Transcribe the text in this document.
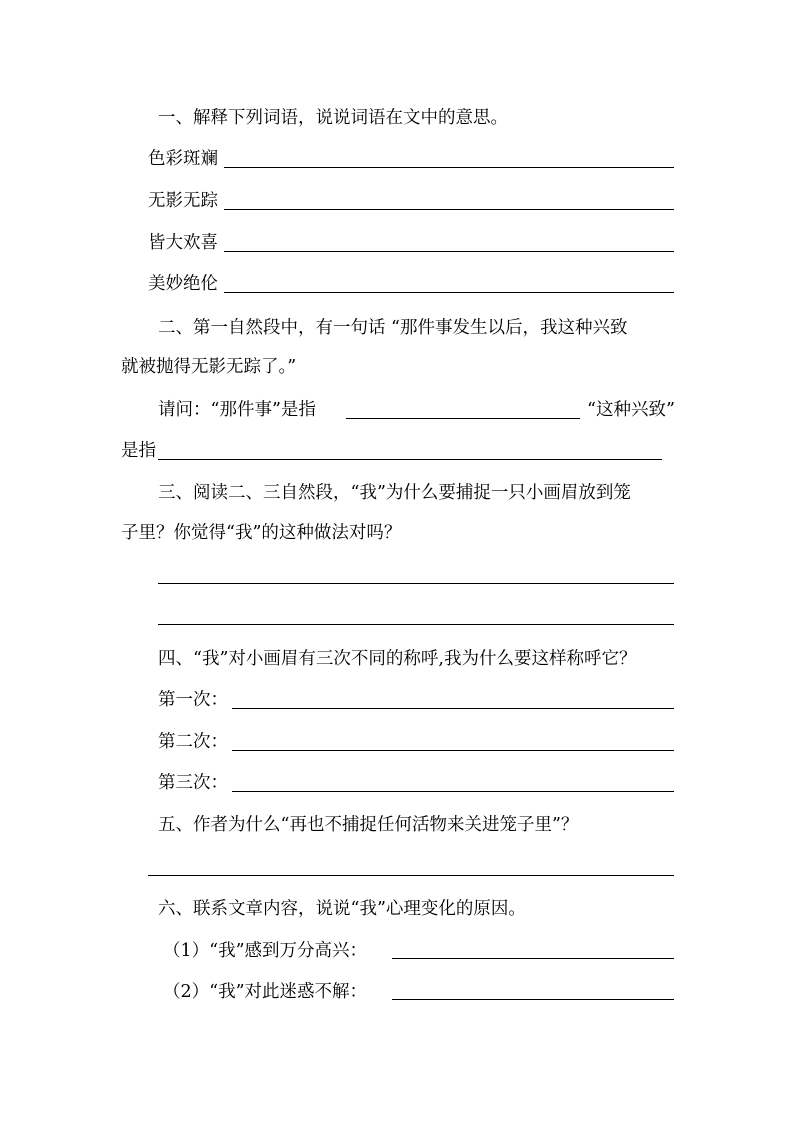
一、解释下列词语，说说词语在文中的意思。
色彩斑斓
无影无踪
皆大欢喜
美妙绝伦
二、第一自然段中，有一句话 “那件事发生以后，我这种兴致
就被抛得无影无踪了。”
请问：“那件事”是指	“这种兴致”
是指
三、阅读二、三自然段，“我”为什么要捕捉一只小画眉放到笼
子里？你觉得“我”的这种做法对吗？
四、“我”对小画眉有三次不同的称呼,我为什么要这样称呼它？
第一次：
第二次：
第三次：
五、作者为什么“再也不捕捉任何活物来关进笼子里”？
六、联系文章内容，说说“我”心理变化的原因。
（1）“我”感到万分高兴：
（2）“我”对此迷惑不解：
